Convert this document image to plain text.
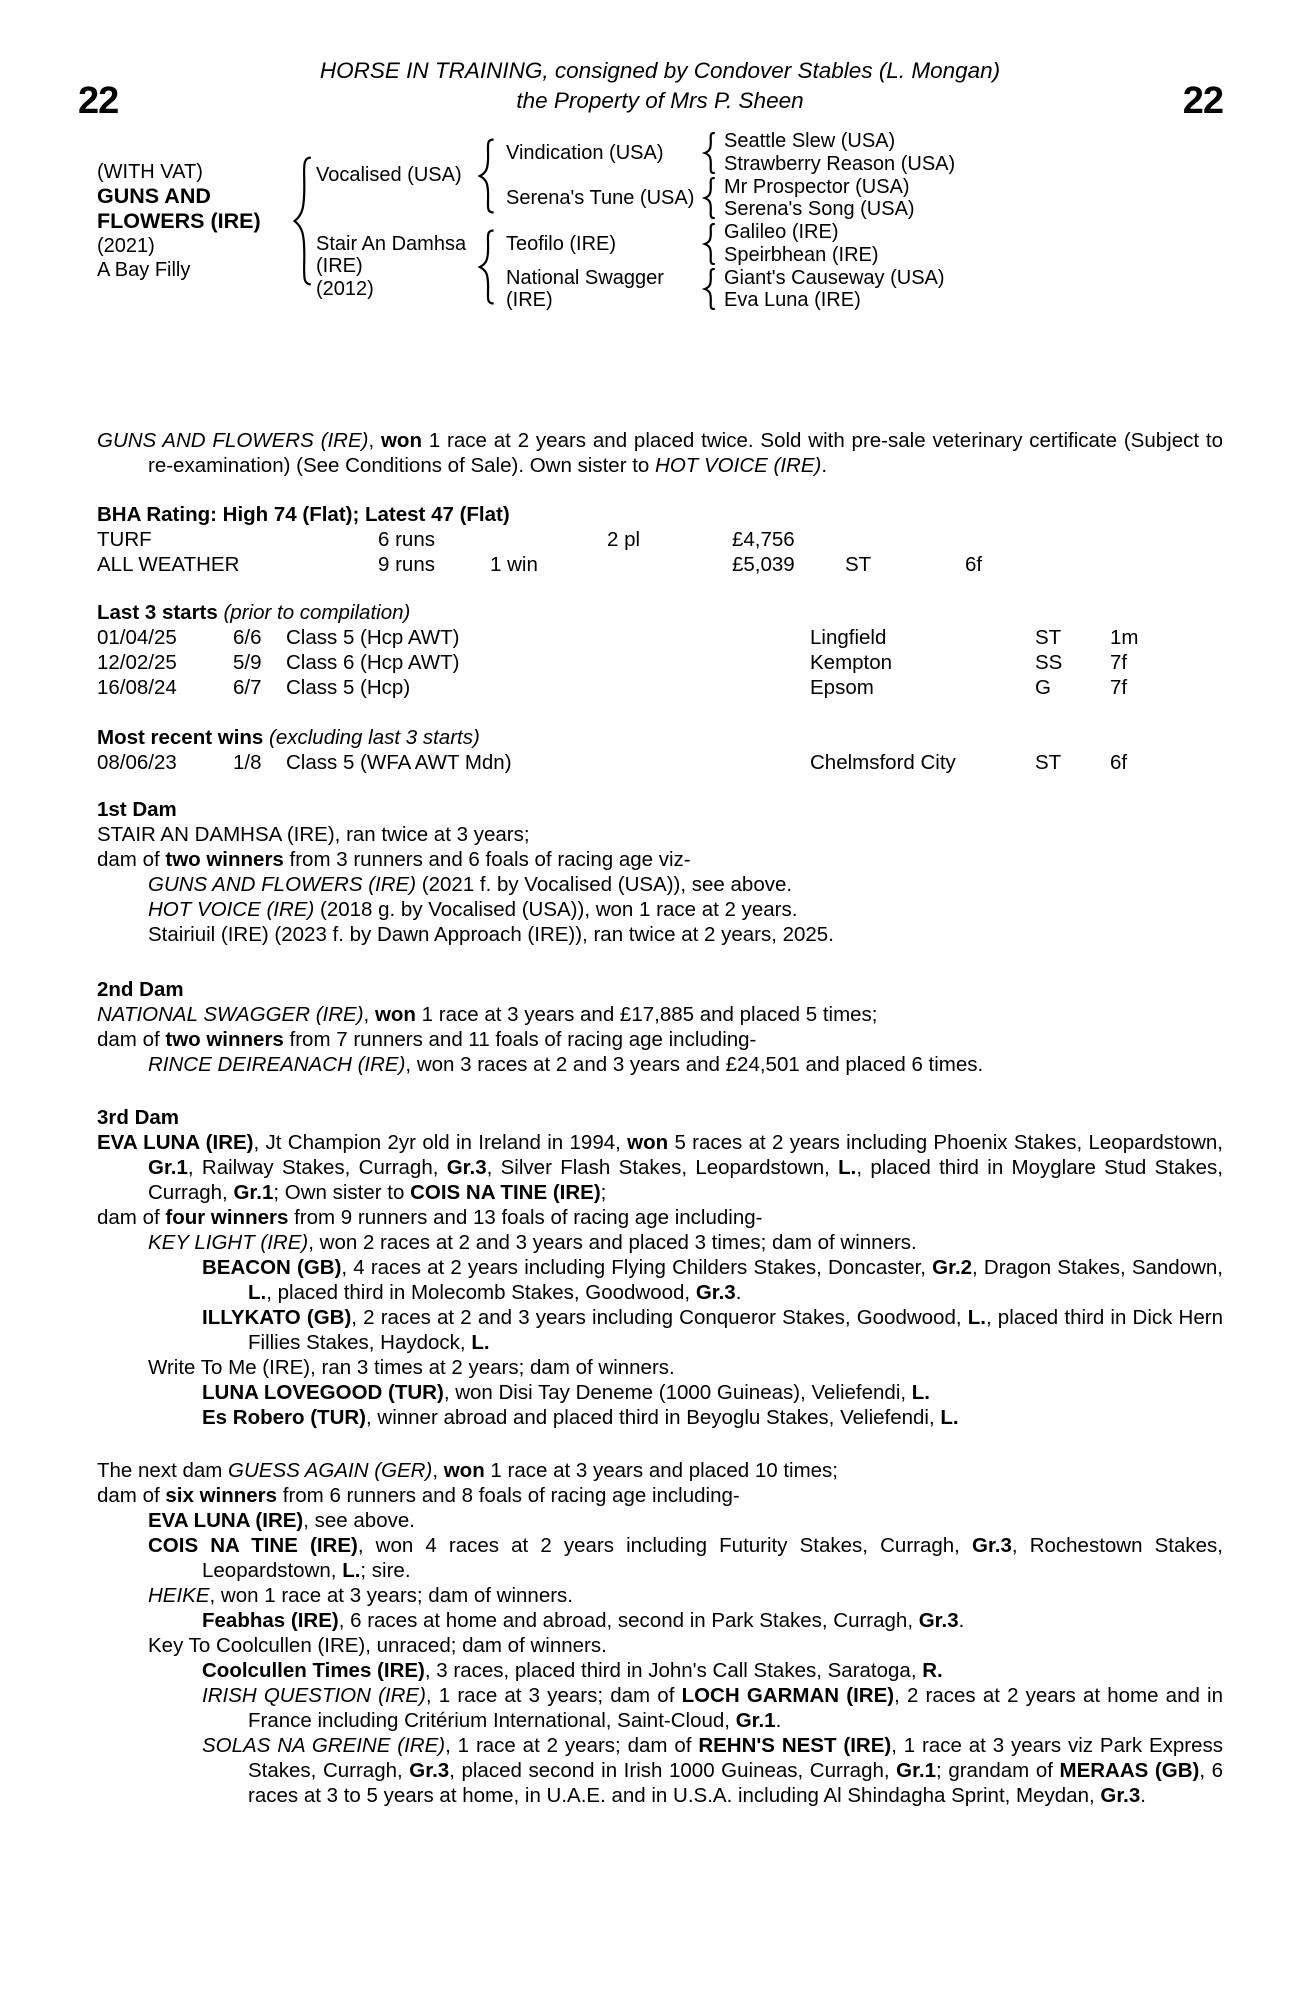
22	22
HORSE IN TRAINING, consigned by Condover Stables (L. Mongan)
the Property of Mrs P. Sheen
(WITH VAT)
GUNS AND FLOWERS (IRE)
(2021)
A Bay Filly
Vocalised (USA)
Vindication (USA)
Seattle Slew (USA)
Strawberry Reason (USA)
Serena's Tune (USA)
Mr Prospector (USA)
Serena's Song (USA)
Stair An Damhsa
(IRE)
(2012)
Teofilo (IRE)
Galileo (IRE)
Speirbhean (IRE)
National Swagger
(IRE)
Giant's Causeway (USA)
Eva Luna (IRE)
GUNS AND FLOWERS (IRE), won 1 race at 2 years and placed twice. Sold with pre-sale veterinary certificate (Subject to re-examination) (See Conditions of Sale). Own sister to HOT VOICE (IRE).
BHA Rating: High 74 (Flat); Latest 47 (Flat)
TURF	6 runs	2 pl	£4,756
ALL WEATHER	9 runs	1 win	£5,039	ST	6f
Last 3 starts (prior to compilation)
01/04/25	6/6	Class 5 (Hcp AWT)	Lingfield	ST	1m
12/02/25	5/9	Class 6 (Hcp AWT)	Kempton	SS	7f
16/08/24	6/7	Class 5 (Hcp)	Epsom	G	7f
Most recent wins (excluding last 3 starts)
08/06/23	1/8	Class 5 (WFA AWT Mdn)	Chelmsford City	ST	6f
1st Dam
STAIR AN DAMHSA (IRE), ran twice at 3 years;
dam of two winners from 3 runners and 6 foals of racing age viz-
GUNS AND FLOWERS (IRE) (2021 f. by Vocalised (USA)), see above.
HOT VOICE (IRE) (2018 g. by Vocalised (USA)), won 1 race at 2 years.
Stairiuil (IRE) (2023 f. by Dawn Approach (IRE)), ran twice at 2 years, 2025.
2nd Dam
NATIONAL SWAGGER (IRE), won 1 race at 3 years and £17,885 and placed 5 times;
dam of two winners from 7 runners and 11 foals of racing age including-
RINCE DEIREANACH (IRE), won 3 races at 2 and 3 years and £24,501 and placed 6 times.
3rd Dam
EVA LUNA (IRE), Jt Champion 2yr old in Ireland in 1994, won 5 races at 2 years including Phoenix Stakes, Leopardstown, Gr.1, Railway Stakes, Curragh, Gr.3, Silver Flash Stakes, Leopardstown, L., placed third in Moyglare Stud Stakes, Curragh, Gr.1; Own sister to COIS NA TINE (IRE);
dam of four winners from 9 runners and 13 foals of racing age including-
KEY LIGHT (IRE), won 2 races at 2 and 3 years and placed 3 times; dam of winners.
BEACON (GB), 4 races at 2 years including Flying Childers Stakes, Doncaster, Gr.2, Dragon Stakes, Sandown, L., placed third in Molecomb Stakes, Goodwood, Gr.3.
ILLYKATO (GB), 2 races at 2 and 3 years including Conqueror Stakes, Goodwood, L., placed third in Dick Hern Fillies Stakes, Haydock, L.
Write To Me (IRE), ran 3 times at 2 years; dam of winners.
LUNA LOVEGOOD (TUR), won Disi Tay Deneme (1000 Guineas), Veliefendi, L.
Es Robero (TUR), winner abroad and placed third in Beyoglu Stakes, Veliefendi, L.
The next dam GUESS AGAIN (GER), won 1 race at 3 years and placed 10 times;
dam of six winners from 6 runners and 8 foals of racing age including-
EVA LUNA (IRE), see above.
COIS NA TINE (IRE), won 4 races at 2 years including Futurity Stakes, Curragh, Gr.3, Rochestown Stakes, Leopardstown, L.; sire.
HEIKE, won 1 race at 3 years; dam of winners.
Feabhas (IRE), 6 races at home and abroad, second in Park Stakes, Curragh, Gr.3.
Key To Coolcullen (IRE), unraced; dam of winners.
Coolcullen Times (IRE), 3 races, placed third in John's Call Stakes, Saratoga, R.
IRISH QUESTION (IRE), 1 race at 3 years; dam of LOCH GARMAN (IRE), 2 races at 2 years at home and in France including Critérium International, Saint-Cloud, Gr.1.
SOLAS NA GREINE (IRE), 1 race at 2 years; dam of REHN'S NEST (IRE), 1 race at 3 years viz Park Express Stakes, Curragh, Gr.3, placed second in Irish 1000 Guineas, Curragh, Gr.1; grandam of MERAAS (GB), 6 races at 3 to 5 years at home, in U.A.E. and in U.S.A. including Al Shindagha Sprint, Meydan, Gr.3.
